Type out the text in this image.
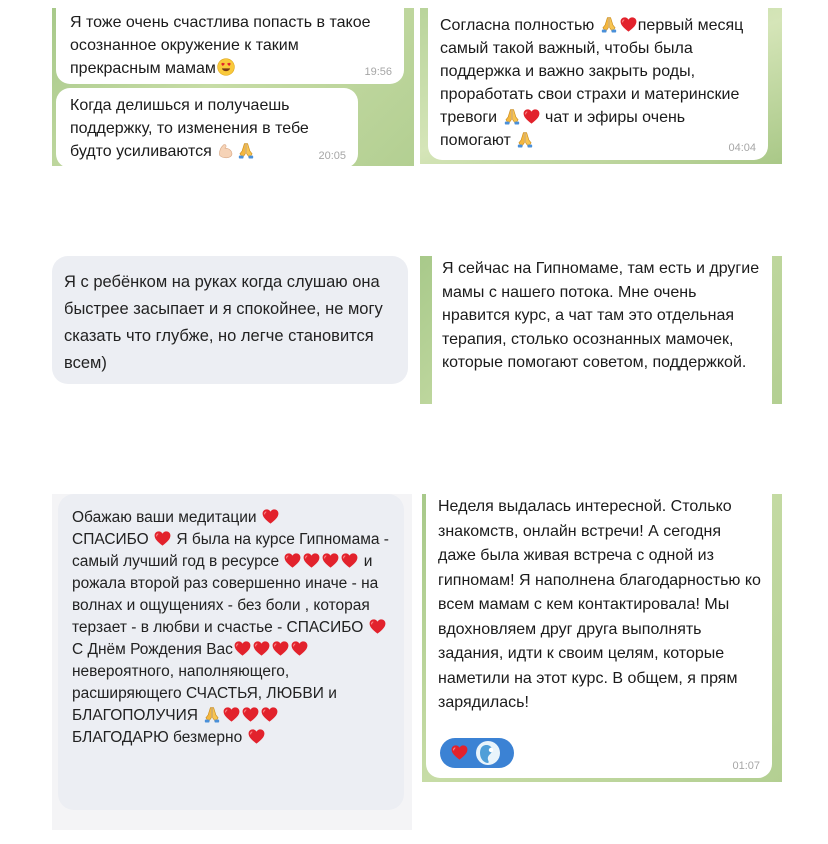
Я тоже очень счастлива попасть в такое осознанное окружение к таким прекрасным мамам	19:56
Когда делишься и получаешь поддержку, то изменения в тебе будто усиливаются	20:05
Согласна полностью	первый месяц самый такой важный, чтобы была поддержка и важно закрыть роды, проработать свои страхи и материнские тревоги	чат и эфиры очень помогают	04:04
Я с ребёнком на руках когда слушаю она быстрее засыпает и я спокойнее, не могу сказать что глубже, но легче становится всем)
Я сейчас на Гипномаме, там есть и другие мамы с нашего потока. Мне очень нравится курс, а чат там это отдельная терапия, столько осознанных мамочек, которые помогают советом, поддержкой.
Обажаю ваши медитации
СПАСИБО Я была на курсе Гипномама - самый лучший год в ресурсе	и рожала второй раз совершенно иначе - на волнах и ощущениях - без боли , которая терзает - в любви и счастье - СПАСИБО
С Днём Рождения Вас
невероятного, наполняющего, расширяющего СЧАСТЬЯ, ЛЮБВИ и БЛАГОПОЛУЧИЯ
БЛАГОДАРЮ безмерно
Неделя выдалась интересной. Столько знакомств, онлайн встречи! А сегодня даже была живая встреча с одной из гипномам! Я наполнена благодарностью ко всем мамам с кем контактировала! Мы вдохновляем друг друга выполнять задания, идти к своим целям, которые наметили на этот курс. В общем, я прям зарядилась!
01:07
